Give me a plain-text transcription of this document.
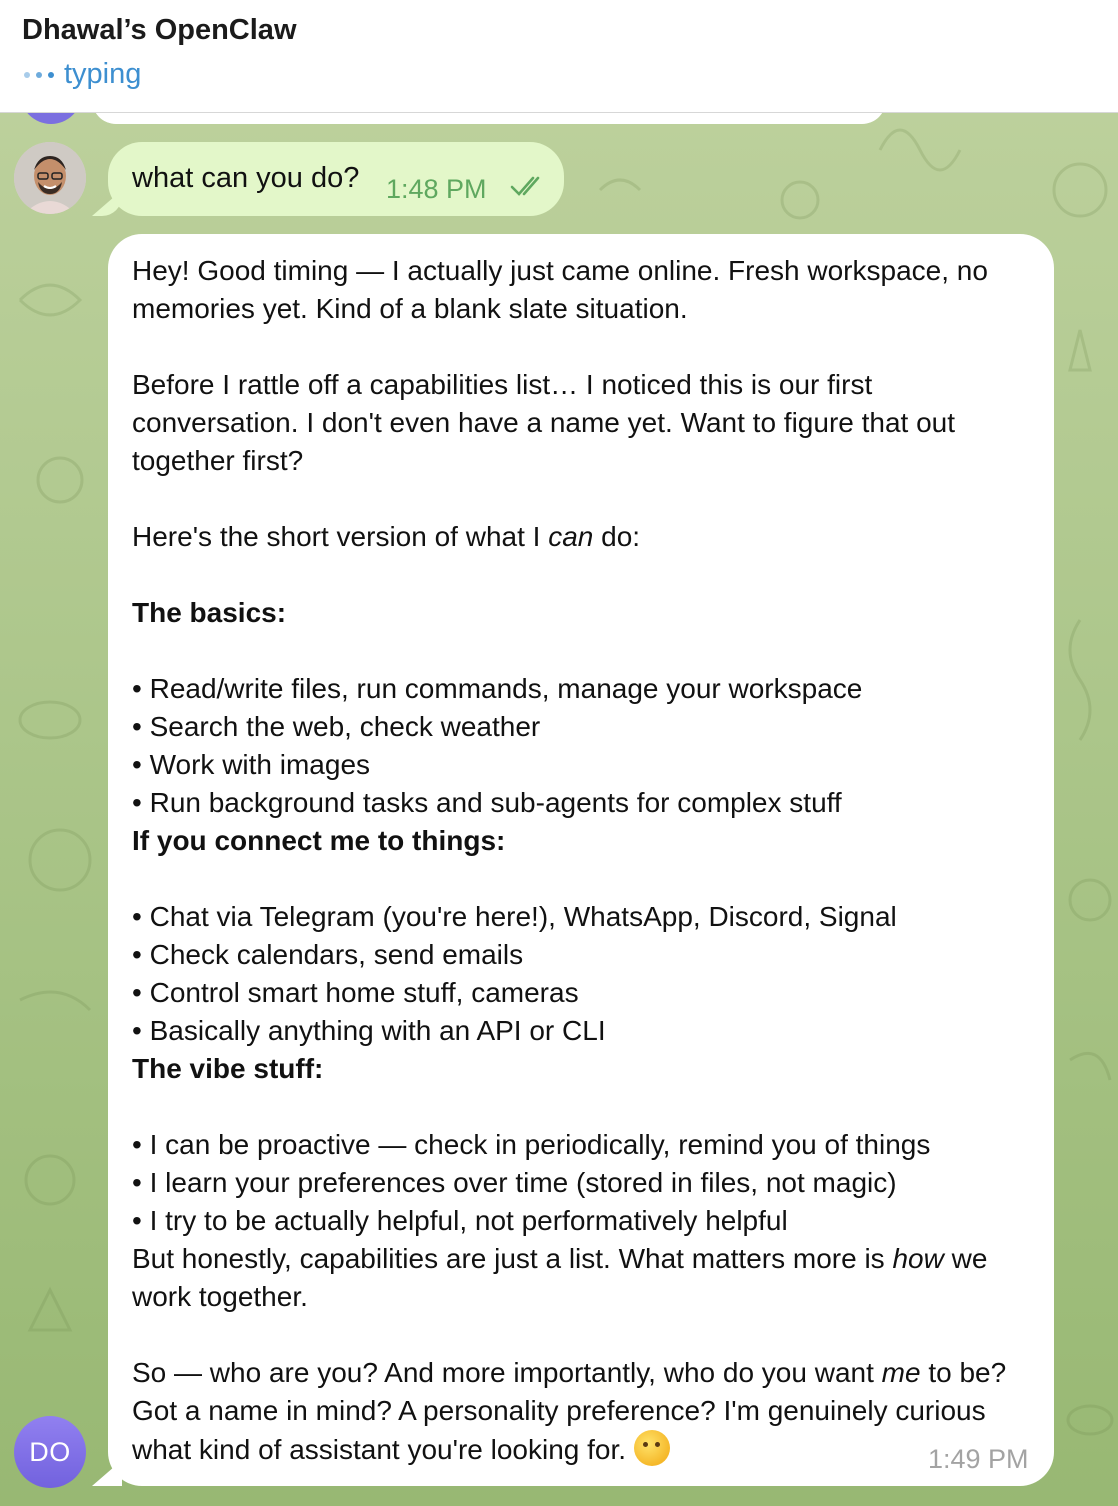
Dhawal’s OpenClaw
typing
what can you do? 1:48 PM

Hey! Good timing — I actually just came online. Fresh workspace, no memories yet. Kind of a blank slate situation.

Before I rattle off a capabilities list… I noticed this is our first conversation. I don't even have a name yet. Want to figure that out together first?

Here's the short version of what I can do:

The basics:

• Read/write files, run commands, manage your workspace

• Search the web, check weather

• Work with images

• Run background tasks and sub-agents for complex stuff

If you connect me to things:

• Chat via Telegram (you're here!), WhatsApp, Discord, Signal

• Check calendars, send emails

• Control smart home stuff, cameras

• Basically anything with an API or CLI

The vibe stuff:

• I can be proactive — check in periodically, remind you of things

• I learn your preferences over time (stored in files, not magic)

• I try to be actually helpful, not performatively helpful

But honestly, capabilities are just a list. What matters more is how we work together.

So — who are you? And more importantly, who do you want me to be? Got a name in mind? A personality preference? I'm genuinely curious what kind of assistant you're looking for.	1:49 PM
DO
